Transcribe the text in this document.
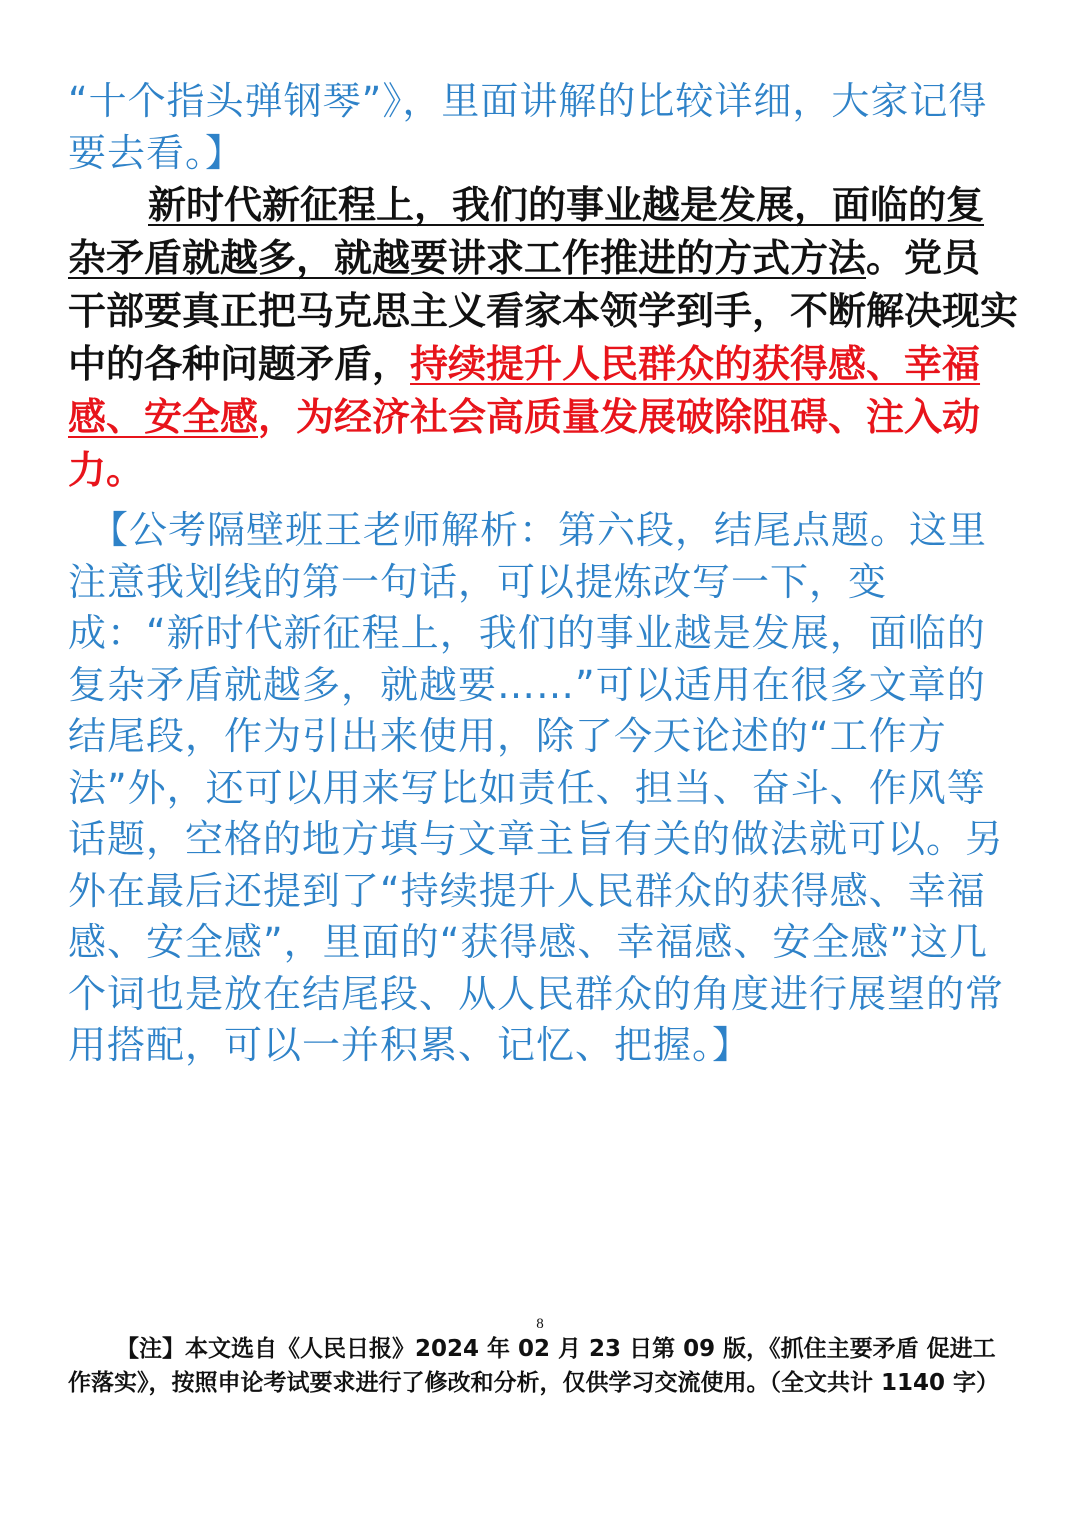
“十个指头弹钢琴”》，里面讲解的比较详细，大家记得要去看。】

新时代新征程上，我们的事业越是发展，面临的复杂矛盾就越多，就越要讲求工作推进的方式方法。党员干部要真正把马克思主义看家本领学到手，不断解决现实中的各种问题矛盾，持续提升人民群众的获得感、幸福感、安全感，为经济社会高质量发展破除阻碍、注入动力。

【公考隔壁班王老师解析：第六段，结尾点题。这里注意我划线的第一句话，可以提炼改写一下，变成：“新时代新征程上，我们的事业越是发展，面临的复杂矛盾就越多，就越要……”可以适用在很多文章的结尾段，作为引出来使用，除了今天论述的“工作方法”外，还可以用来写比如责任、担当、奋斗、作风等话题，空格的地方填与文章主旨有关的做法就可以。另外在最后还提到了“持续提升人民群众的获得感、幸福感、安全感”，里面的“获得感、幸福感、安全感”这几个词也是放在结尾段、从人民群众的角度进行展望的常用搭配，可以一并积累、记忆、把握。】

8

【注】本文选自《人民日报》2024 年 02 月 23 日第 09 版，《抓住主要矛盾 促进工作落实》，按照申论考试要求进行了修改和分析，仅供学习交流使用。（全文共计 1140 字）
